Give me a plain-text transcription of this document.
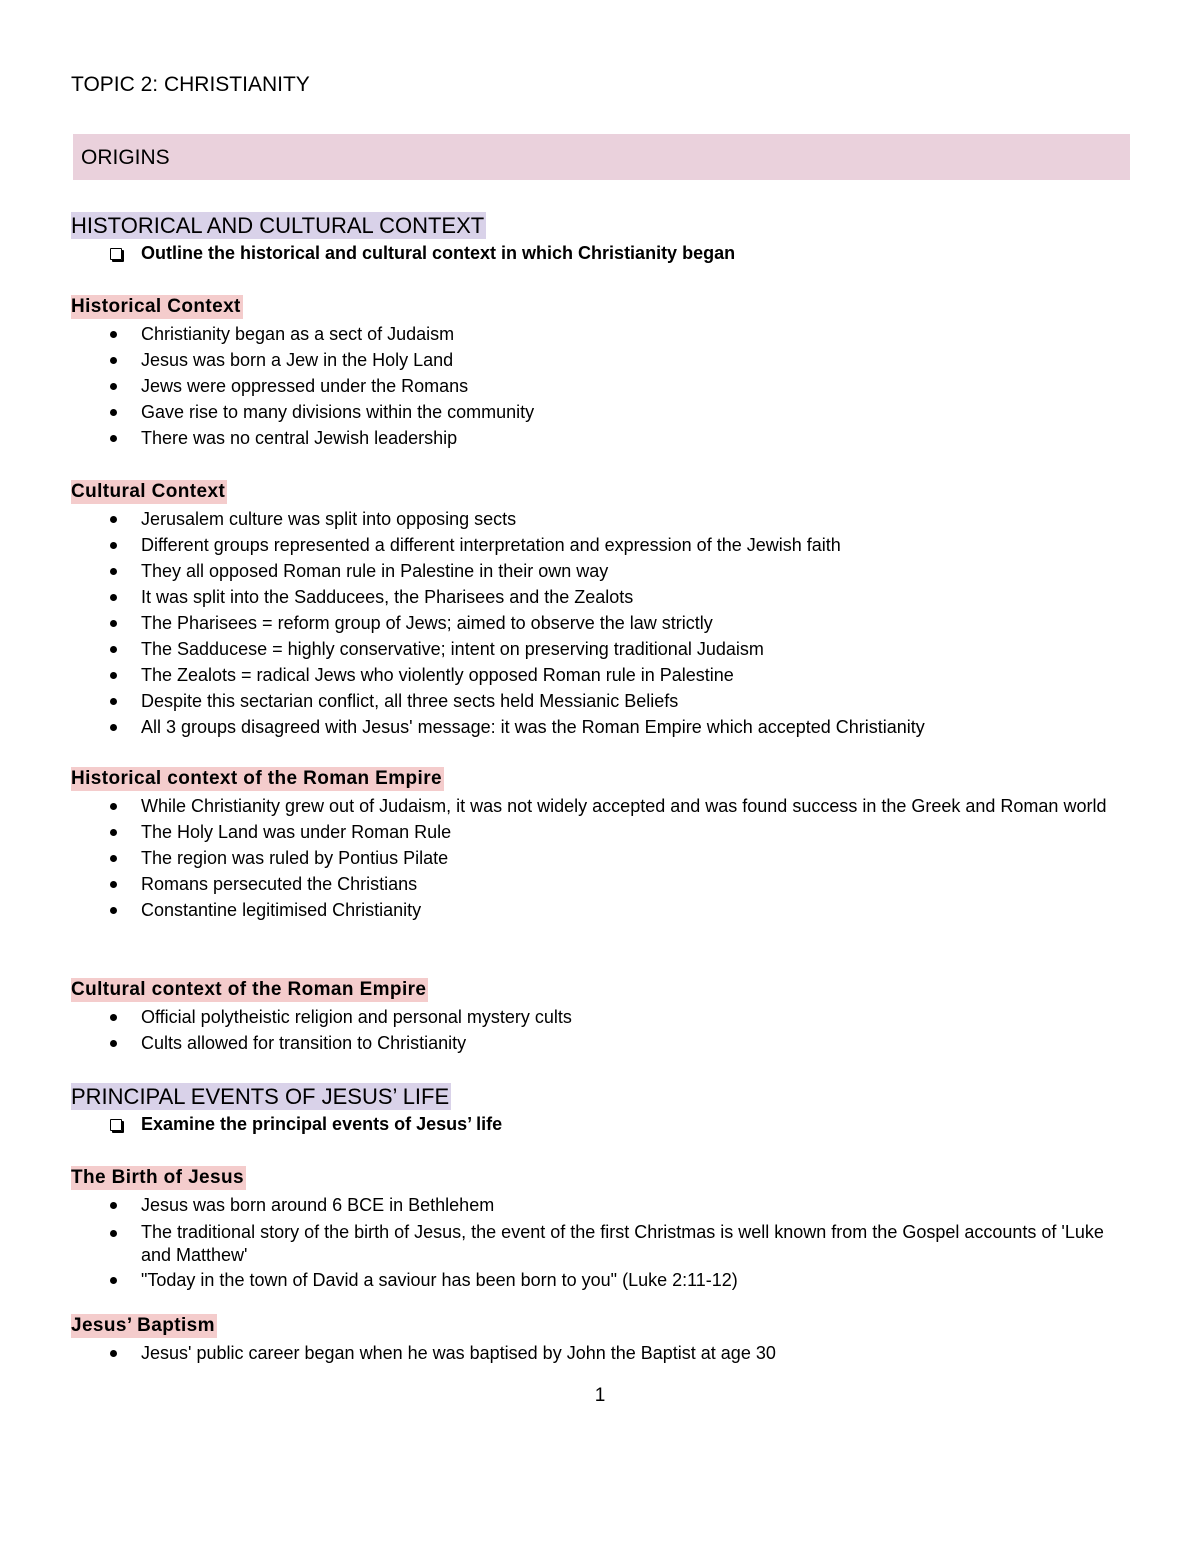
TOPIC 2: CHRISTIANITY
ORIGINS
HISTORICAL AND CULTURAL CONTEXT
Outline the historical and cultural context in which Christianity began
Historical Context
Christianity began as a sect of Judaism
Jesus was born a Jew in the Holy Land
Jews were oppressed under the Romans
Gave rise to many divisions within the community
There was no central Jewish leadership
Cultural Context
Jerusalem culture was split into opposing sects
Different groups represented a different interpretation and expression of the Jewish faith
They all opposed Roman rule in Palestine in their own way
It was split into the Sadducees, the Pharisees and the Zealots
The Pharisees = reform group of Jews; aimed to observe the law strictly
The Sadducese = highly conservative; intent on preserving traditional Judaism
The Zealots = radical Jews who violently opposed Roman rule in Palestine
Despite this sectarian conflict, all three sects held Messianic Beliefs
All 3 groups disagreed with Jesus' message: it was the Roman Empire which accepted Christianity
Historical context of the Roman Empire
While Christianity grew out of Judaism, it was not widely accepted and was found success in the Greek and Roman world
The Holy Land was under Roman Rule
The region was ruled by Pontius Pilate
Romans persecuted the Christians
Constantine legitimised Christianity
Cultural context of the Roman Empire
Official polytheistic religion and personal mystery cults
Cults allowed for transition to Christianity
PRINCIPAL EVENTS OF JESUS’ LIFE
Examine the principal events of Jesus’ life
The Birth of Jesus
Jesus was born around 6 BCE in Bethlehem
The traditional story of the birth of Jesus, the event of the first Christmas is well known from the Gospel accounts of 'Luke and Matthew'
"Today in the town of David a saviour has been born to you" (Luke 2:11-12)
Jesus’ Baptism
Jesus' public career began when he was baptised by John the Baptist at age 30
1
